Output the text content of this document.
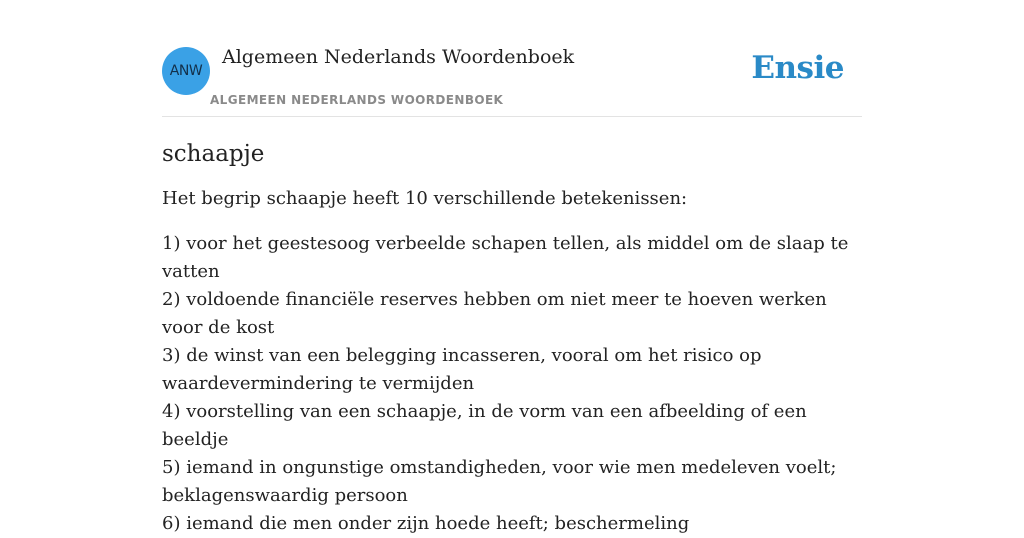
ANW
Algemeen Nederlands Woordenboek
ALGEMEEN NEDERLANDS WOORDENBOEK
Ensie
schaapje

Het begrip schaapje heeft 10 verschillende betekenissen:

1) voor het geestesoog verbeelde schapen tellen, als middel om de slaap te vatten
2) voldoende financiële reserves hebben om niet meer te hoeven werken voor de kost
3) de winst van een belegging incasseren, vooral om het risico op waardevermindering te vermijden
4) voorstelling van een schaapje, in de vorm van een afbeelding of een beeldje
5) iemand in ongunstige omstandigheden, voor wie men medeleven voelt; beklagenswaardig persoon
6) iemand die men onder zijn hoede heeft; beschermeling
